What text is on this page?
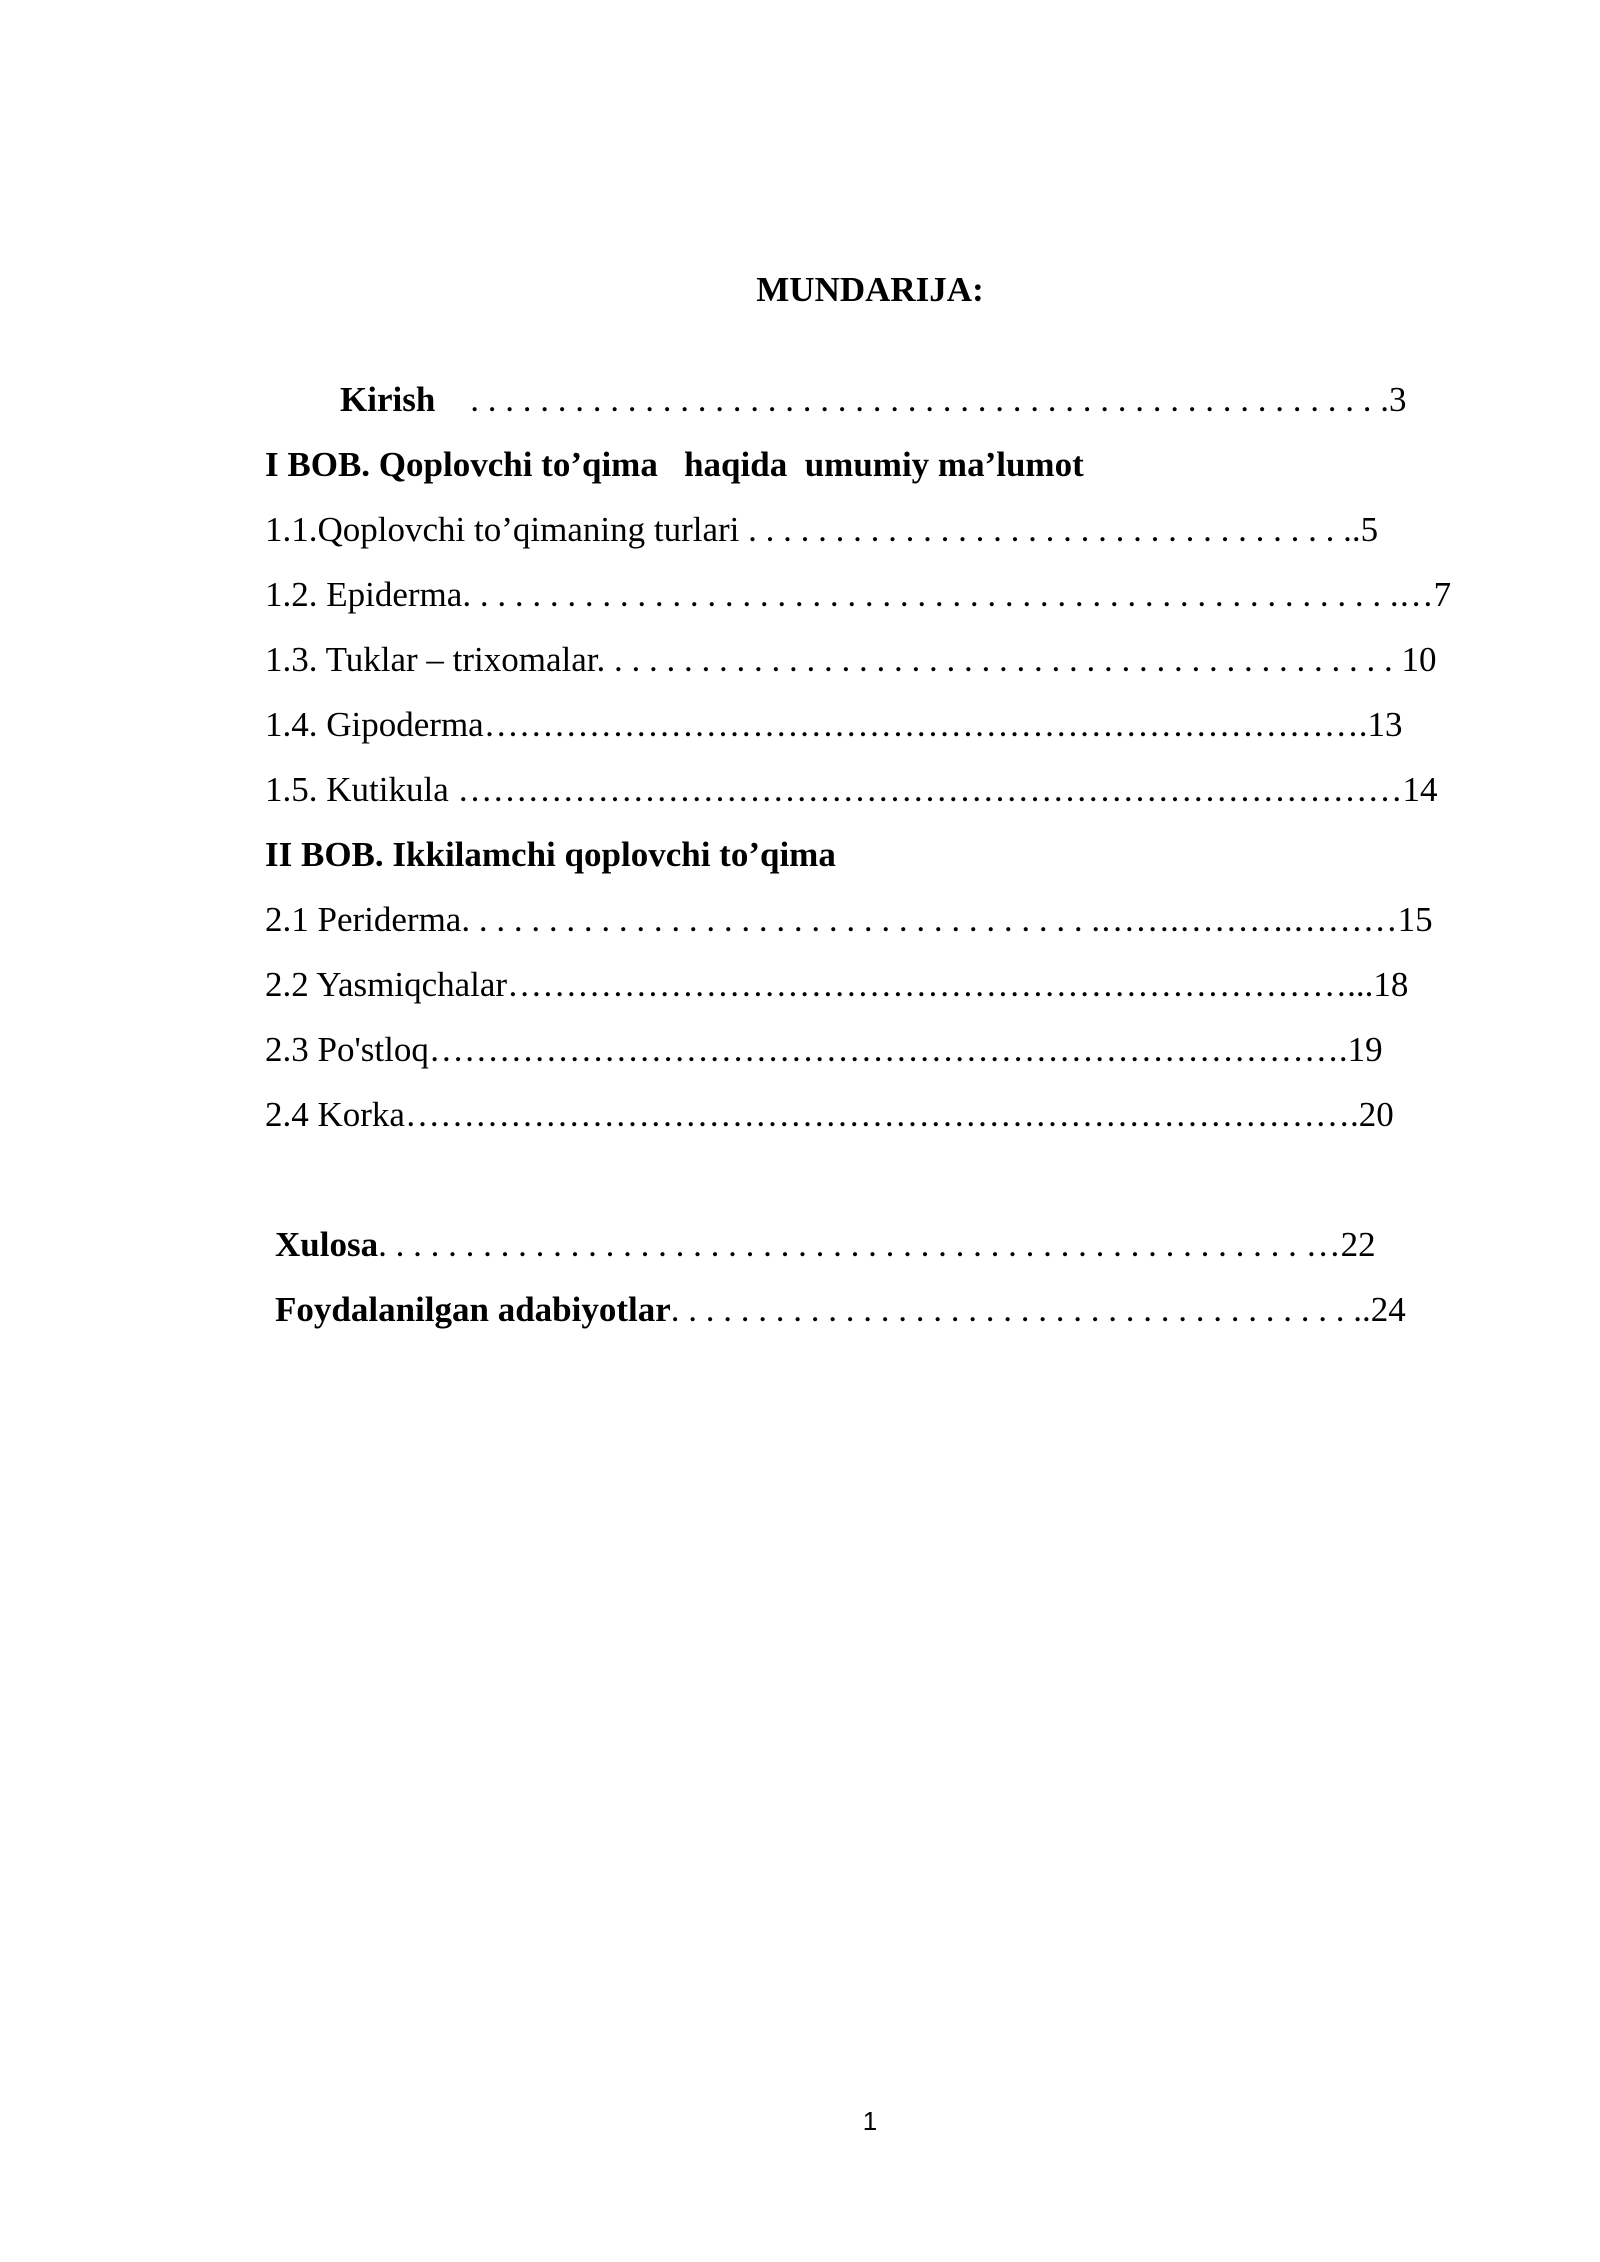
MUNDARIJA:

Kirish    . . . . . . . . . . . . . . . . . . . . . . . . . . . . . . . . . . . . . . . . . . . . . . . . . . . . .3

I BOB. Qoplovchi to’qima   haqida  umumiy ma’lumot

1.1.Qoplovchi to’qimaning turlari . . . . . . . . . . . . . . . . . . . . . . . . . . . . . . . . . . ..5

1.2. Epiderma. . . . . . . . . . . . . . . . . . . . . . . . . . . . . . . . . . . . . . . . . . . . . . . . . . . . . .…7

1.3. Tuklar – trixomalar. . . . . . . . . . . . . . . . . . . . . . . . . . . . . . . . . . . . . . . . . . . . . . 10

1.4. Gipoderma………………………………………………………………….13

1.5. Kutikula ………………………………………………………………………14

II BOB. Ikkilamchi qoplovchi to’qima

2.1 Periderma. . . . . . . . . . . . . . . . . . . . . . . . . . . . . . . . . . . . .…….……….………15

2.2 Yasmiqchalar………………………………………………………………...18

2.3 Po'stloq…………………………………………………………………….19

2.4 Korka……………………………………………………………………….20

Xulosa. . . . . . . . . . . . . . . . . . . . . . . . . . . . . . . . . . . . . . . . . . . . . . . . . . . . . …22

Foydalanilgan adabiyotlar. . . . . . . . . . . . . . . . . . . . . . . . . . . . . . . . . . . . . . . ..24

1
